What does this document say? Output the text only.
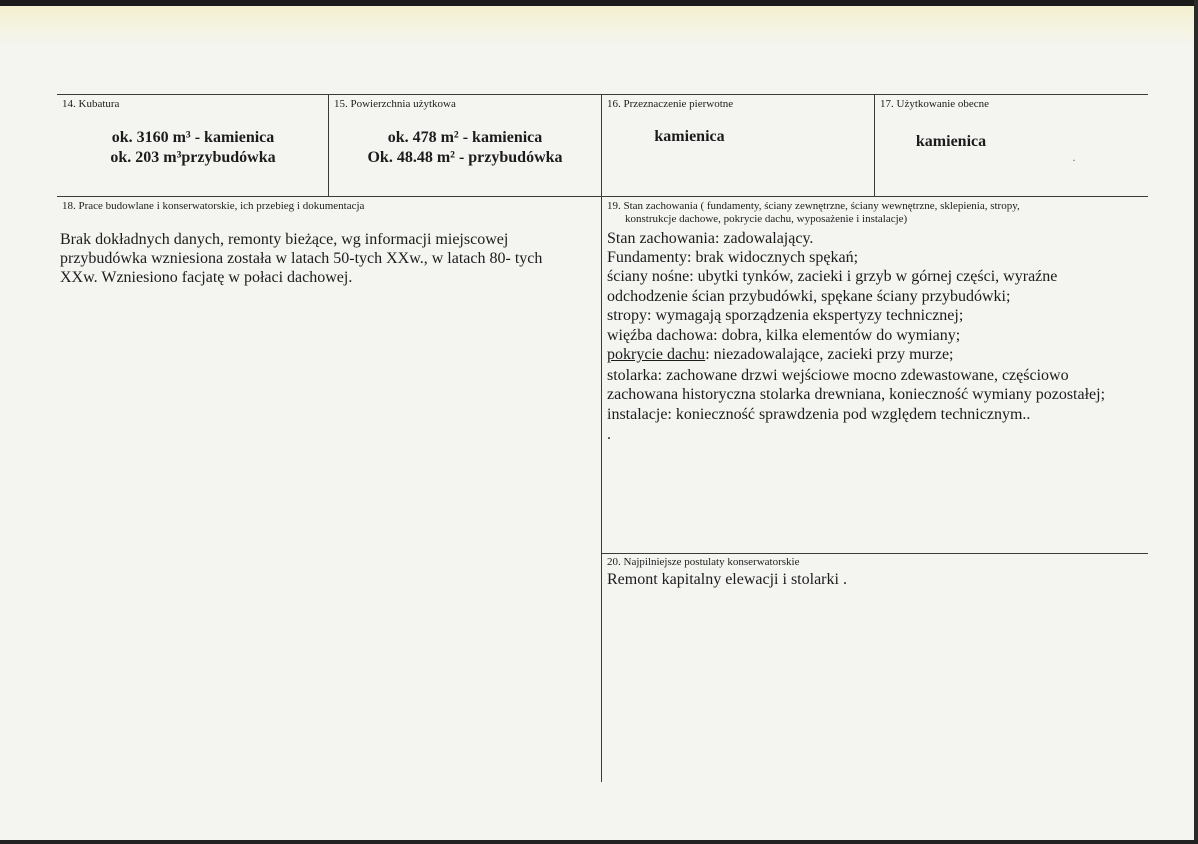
14. Kubatura
ok. 3160 m³ - kamienica
ok. 203 m³przybudówka
15. Powierzchnia użytkowa
ok. 478 m² - kamienica
Ok. 48.48 m² - przybudówka
16. Przeznaczenie pierwotne
kamienica
17. Użytkowanie obecne
kamienica
·
18. Prace budowlane i konserwatorskie, ich przebieg i dokumentacja
Brak dokładnych danych, remonty bieżące, wg informacji miejscowej
przybudówka wzniesiona została w latach 50-tych XXw., w latach 80- tych
XXw. Wzniesiono facjatę w połaci dachowej.
19. Stan zachowania ( fundamenty, ściany zewnętrzne, ściany wewnętrzne, sklepienia, stropy,
konstrukcje dachowe, pokrycie dachu, wyposażenie i instalacje)
Stan zachowania: zadowalający.
Fundamenty: brak widocznych spękań;
ściany nośne: ubytki tynków, zacieki i grzyb w górnej części, wyraźne
odchodzenie ścian przybudówki, spękane ściany przybudówki;
stropy: wymagają sporządzenia ekspertyzy technicznej;
więźba dachowa: dobra, kilka elementów do wymiany;
pokrycie dachu: niezadowalające, zacieki przy murze;
stolarka: zachowane drzwi wejściowe mocno zdewastowane, częściowo
zachowana historyczna stolarka drewniana, konieczność wymiany pozostałej;
instalacje: konieczność sprawdzenia pod względem technicznym..
.
20. Najpilniejsze postulaty konserwatorskie
Remont kapitalny elewacji i stolarki .
